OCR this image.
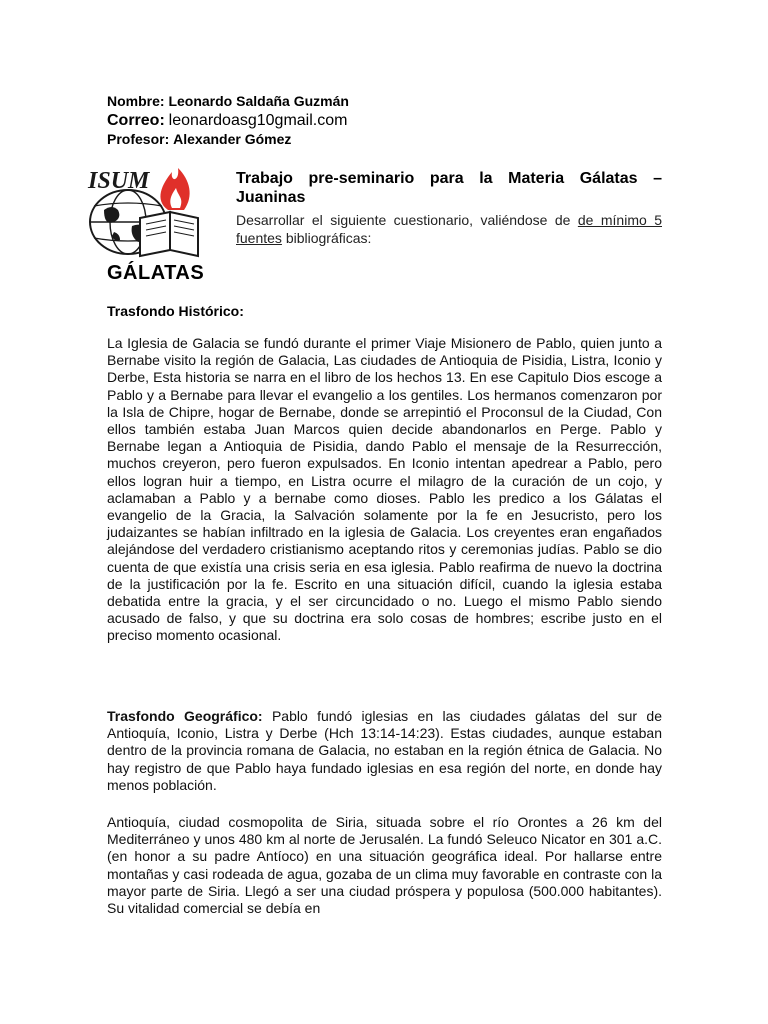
Nombre: Leonardo Saldaña Guzmán
Correo: leonardoasg10gmail.com
Profesor: Alexander Gómez
ISUM	Trabajo pre-seminario para la Materia Gálatas – Juaninas
Desarrollar el siguiente cuestionario, valiéndose de de mínimo 5 fuentes bibliográficas:
GÁLATAS
Trasfondo Histórico:
La Iglesia de Galacia se fundó durante el primer Viaje Misionero de Pablo, quien junto a Bernabe visito la región de Galacia, Las ciudades de Antioquia de Pisidia, Listra, Iconio y Derbe, Esta historia se narra en el libro de los hechos 13. En ese Capitulo Dios escoge a Pablo y a Bernabe para llevar el evangelio a los gentiles. Los hermanos comenzaron por la Isla de Chipre, hogar de Bernabe, donde se arrepintió el Proconsul de la Ciudad, Con ellos también estaba Juan Marcos quien decide abandonarlos en Perge. Pablo y Bernabe legan a Antioquia de Pisidia, dando Pablo el mensaje de la Resurrección, muchos creyeron, pero fueron expulsados. En Iconio intentan apedrear a Pablo, pero ellos logran huir a tiempo, en Listra ocurre el milagro de la curación de un cojo, y aclamaban a Pablo y a bernabe como dioses. Pablo les predico a los Gálatas el evangelio de la Gracia, la Salvación solamente por la fe en Jesucristo, pero los judaizantes se habían infiltrado en la iglesia de Galacia. Los creyentes eran engañados alejándose del verdadero cristianismo aceptando ritos y ceremonias judías. Pablo se dio cuenta de que existía una crisis seria en esa iglesia. Pablo reafirma de nuevo la doctrina de la justificación por la fe. Escrito en una situación difícil, cuando la iglesia estaba debatida entre la gracia, y el ser circuncidado o no. Luego el mismo Pablo siendo acusado de falso, y que su doctrina era solo cosas de hombres; escribe justo en el preciso momento ocasional.
Trasfondo Geográfico: Pablo fundó iglesias en las ciudades gálatas del sur de Antioquía, Iconio, Listra y Derbe (Hch 13:14-14:23). Estas ciudades, aunque estaban dentro de la provincia romana de Galacia, no estaban en la región étnica de Galacia. No hay registro de que Pablo haya fundado iglesias en esa región del norte, en donde hay menos población.
Antioquía, ciudad cosmopolita de Siria, situada sobre el río Orontes a 26 km del Mediterráneo y unos 480 km al norte de Jerusalén. La fundó Seleuco Nicator en 301 a.C. (en honor a su padre Antíoco) en una situación geográfica ideal. Por hallarse entre montañas y casi rodeada de agua, gozaba de un clima muy favorable en contraste con la mayor parte de Siria. Llegó a ser una ciudad próspera y populosa (500.000 habitantes). Su vitalidad comercial se debía en
